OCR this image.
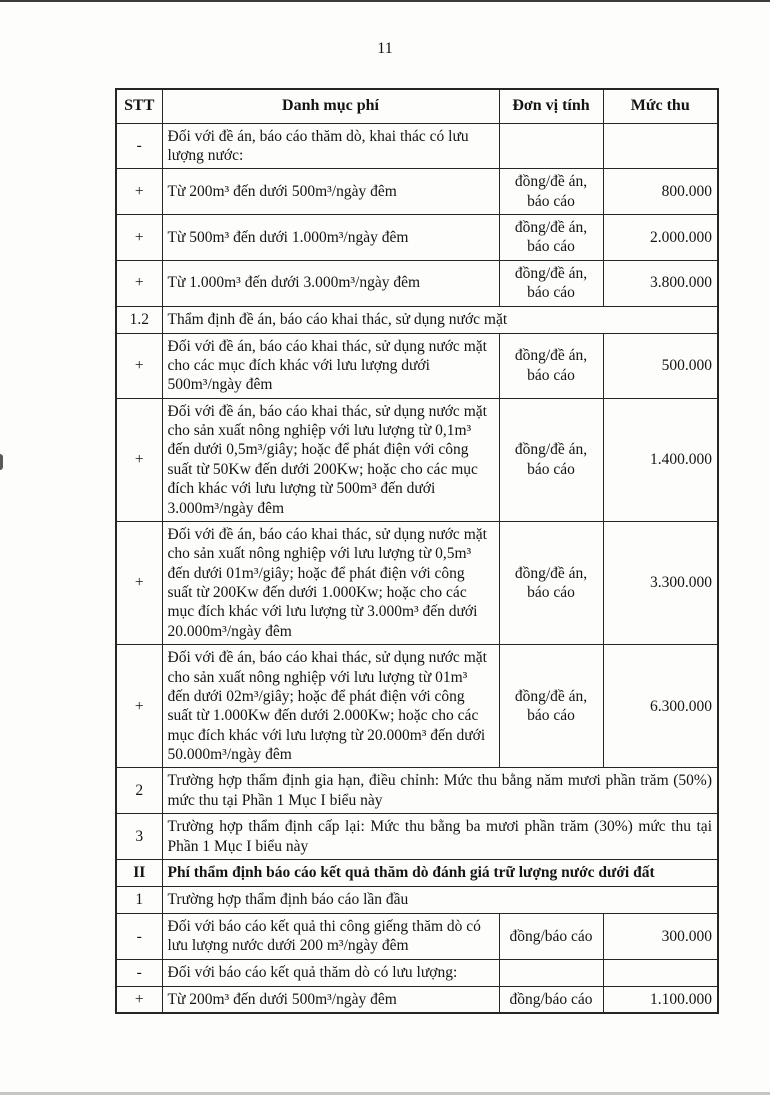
11
STT	Danh mục phí	Đơn vị tính	Mức thu
-	Đối với đề án, báo cáo thăm dò, khai thác có lưu lượng nước:		
+	Từ 200m³ đến dưới 500m³/ngày đêm	đồng/đề án, báo cáo	800.000
+	Từ 500m³ đến dưới 1.000m³/ngày đêm	đồng/đề án, báo cáo	2.000.000
+	Từ 1.000m³ đến dưới 3.000m³/ngày đêm	đồng/đề án, báo cáo	3.800.000
1.2	Thẩm định đề án, báo cáo khai thác, sử dụng nước mặt		
+	Đối với đề án, báo cáo khai thác, sử dụng nước mặt cho các mục đích khác với lưu lượng dưới 500m³/ngày đêm	đồng/đề án, báo cáo	500.000
+	Đối với đề án, báo cáo khai thác, sử dụng nước mặt cho sản xuất nông nghiệp với lưu lượng từ 0,1m³ đến dưới 0,5m³/giây; hoặc để phát điện với công suất từ 50Kw đến dưới 200Kw; hoặc cho các mục đích khác với lưu lượng từ 500m³ đến dưới 3.000m³/ngày đêm	đồng/đề án, báo cáo	1.400.000
+	Đối với đề án, báo cáo khai thác, sử dụng nước mặt cho sản xuất nông nghiệp với lưu lượng từ 0,5m³ đến dưới 01m³/giây; hoặc để phát điện với công suất từ 200Kw đến dưới 1.000Kw; hoặc cho các mục đích khác với lưu lượng từ 3.000m³ đến dưới 20.000m³/ngày đêm	đồng/đề án, báo cáo	3.300.000
+	Đối với đề án, báo cáo khai thác, sử dụng nước mặt cho sản xuất nông nghiệp với lưu lượng từ 01m³ đến dưới 02m³/giây; hoặc để phát điện với công suất từ 1.000Kw đến dưới 2.000Kw; hoặc cho các mục đích khác với lưu lượng từ 20.000m³ đến dưới 50.000m³/ngày đêm	đồng/đề án, báo cáo	6.300.000
2	Trường hợp thẩm định gia hạn, điều chỉnh: Mức thu bằng năm mươi phần trăm (50%) mức thu tại Phần 1 Mục I biểu này		
3	Trường hợp thẩm định cấp lại: Mức thu bằng ba mươi phần trăm (30%) mức thu tại Phần 1 Mục I biểu này		
II	Phí thẩm định báo cáo kết quả thăm dò đánh giá trữ lượng nước dưới đất		
1	Trường hợp thẩm định báo cáo lần đầu		
-	Đối với báo cáo kết quả thi công giếng thăm dò có lưu lượng nước dưới 200 m³/ngày đêm	đồng/báo cáo	300.000
-	Đối với báo cáo kết quả thăm dò có lưu lượng:		
+	Từ 200m³ đến dưới 500m³/ngày đêm	đồng/báo cáo	1.100.000
